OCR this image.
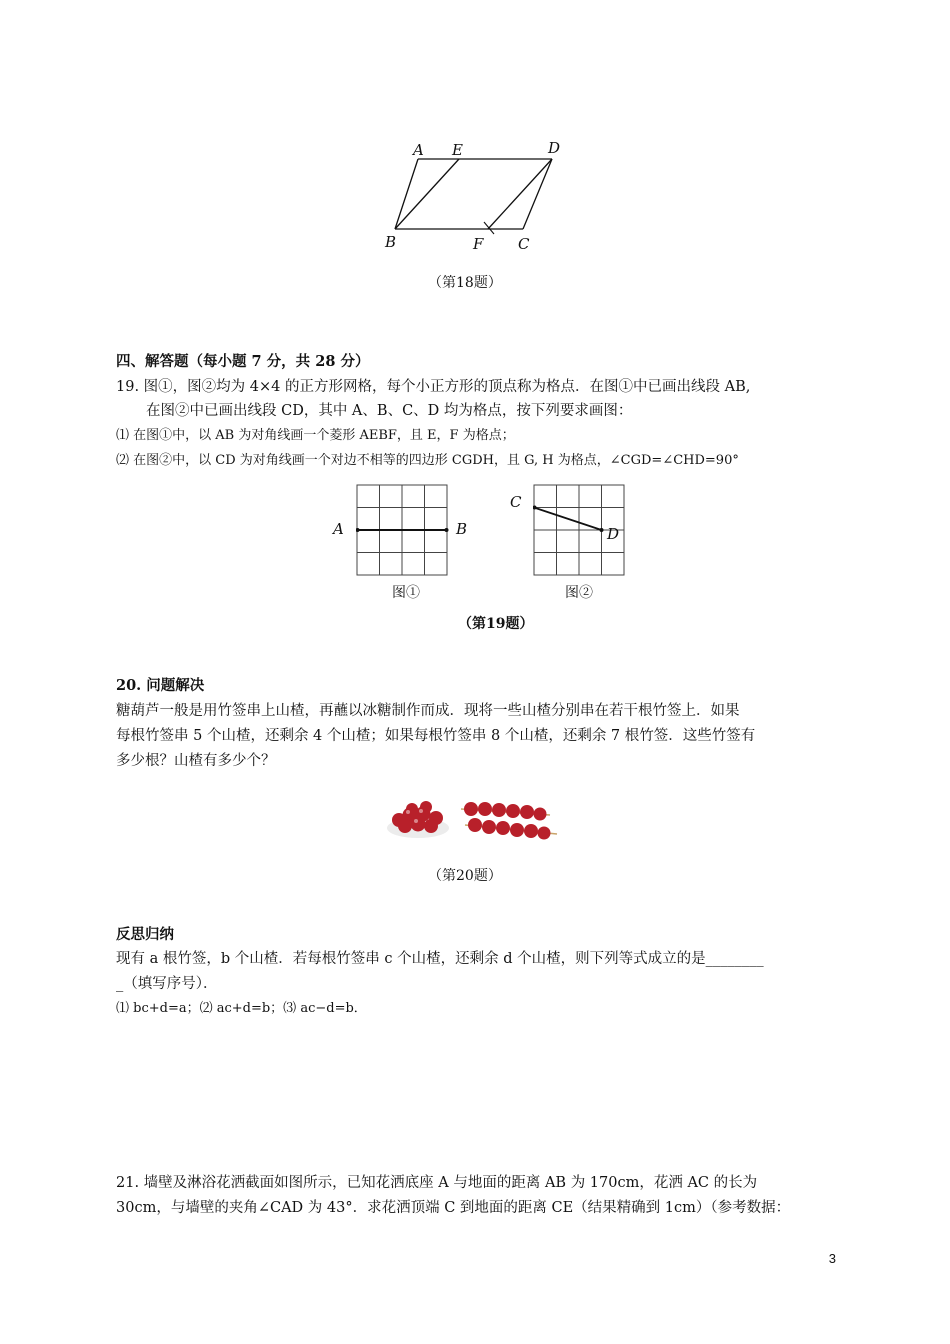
A E	D
B	F C
（第18题）
四、解答题（每小题 7 分，共 28 分）
19. 图①，图②均为 4×4 的正方形网格，每个小正方形的顶点称为格点．在图①中已画出线段 AB,
在图②中已画出线段 CD，其中 A、B、C、D 均为格点，按下列要求画图：
⑴ 在图①中，以 AB 为对角线画一个菱形 AEBF，且 E，F 为格点；
⑵ 在图②中，以 CD 为对角线画一个对边不相等的四边形 CGDH，且 G, H 为格点，∠CGD=∠CHD=90°
A	B
图①
C
D
图②
（第19题）
20. 问题解决
糖葫芦一般是用竹签串上山楂，再蘸以冰糖制作而成．现将一些山楂分别串在若干根竹签上．如果
每根竹签串 5 个山楂，还剩余 4 个山楂；如果每根竹签串 8 个山楂，还剩余 7 根竹签．这些竹签有
多少根？山楂有多少个？
（第20题）
反思归纳
现有 a 根竹签，b 个山楂．若每根竹签串 c 个山楂，还剩余 d 个山楂，则下列等式成立的是________
_（填写序号）．
⑴ bc+d=a；⑵ ac+d=b；⑶ ac−d=b．
21. 墙壁及淋浴花洒截面如图所示，已知花洒底座 A 与地面的距离 AB 为 170cm，花洒 AC 的长为
30cm，与墙壁的夹角∠CAD 为 43°．求花洒顶端 C 到地面的距离 CE（结果精确到 1cm）（参考数据：
3
